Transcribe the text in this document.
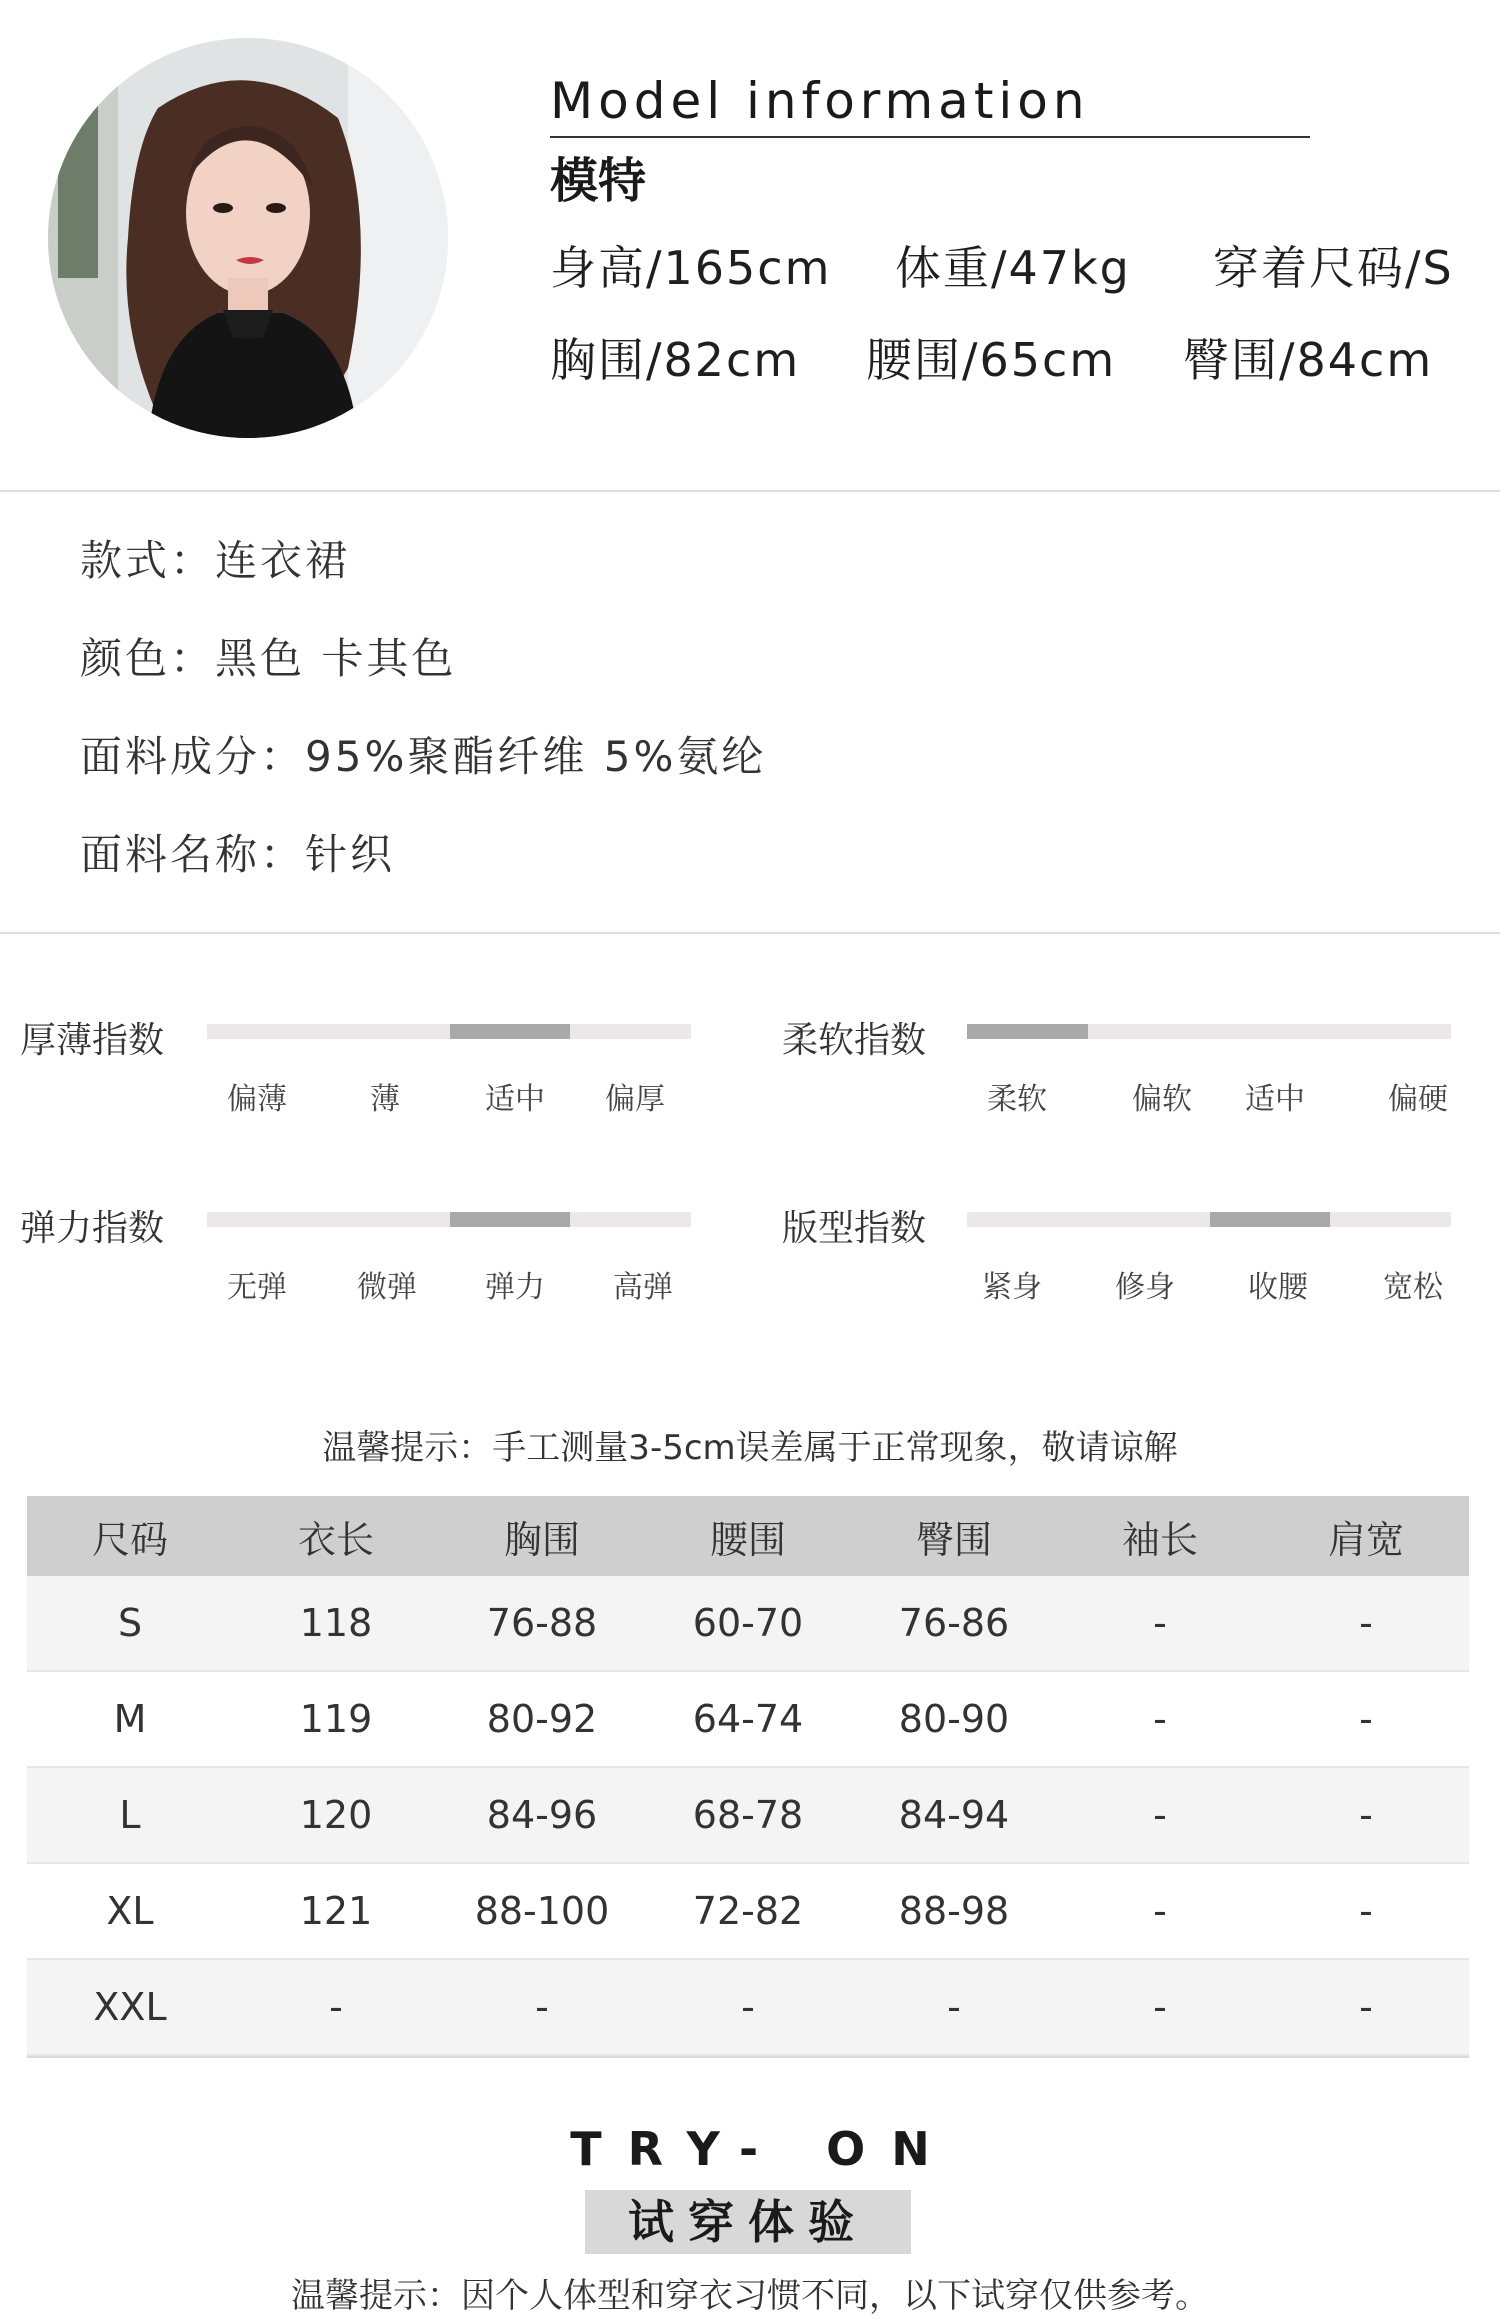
Model information
模特
身高/165cm 体重/47kg 穿着尺码/S
胸围/82cm 腰围/65cm 臀围/84cm
款式：连衣裙
颜色：黑色 卡其色
面料成分：95%聚酯纤维 5%氨纶
面料名称：针织
厚薄指数
偏薄	薄	适中 偏厚
柔软指数
柔软	偏软 适中	偏硬
弹力指数
无弹 微弹 弹力 高弹
版型指数
紧身 修身 收腰	宽松
温馨提示：手工测量3-5cm误差属于正常现象，敬请谅解
尺码	衣长	胸围	腰围	臀围	袖长	肩宽
S	118	76-88	60-70	76-86	-	-
M	119	80-92	64-74	80-90	-	-
L	120	84-96	68-78	84-94	-	-
XL	121	88-100	72-82	88-98	-	-
XXL	-	-	-	-	-	-
TRY- ON
试穿体验
温馨提示：因个人体型和穿衣习惯不同，以下试穿仅供参考。
